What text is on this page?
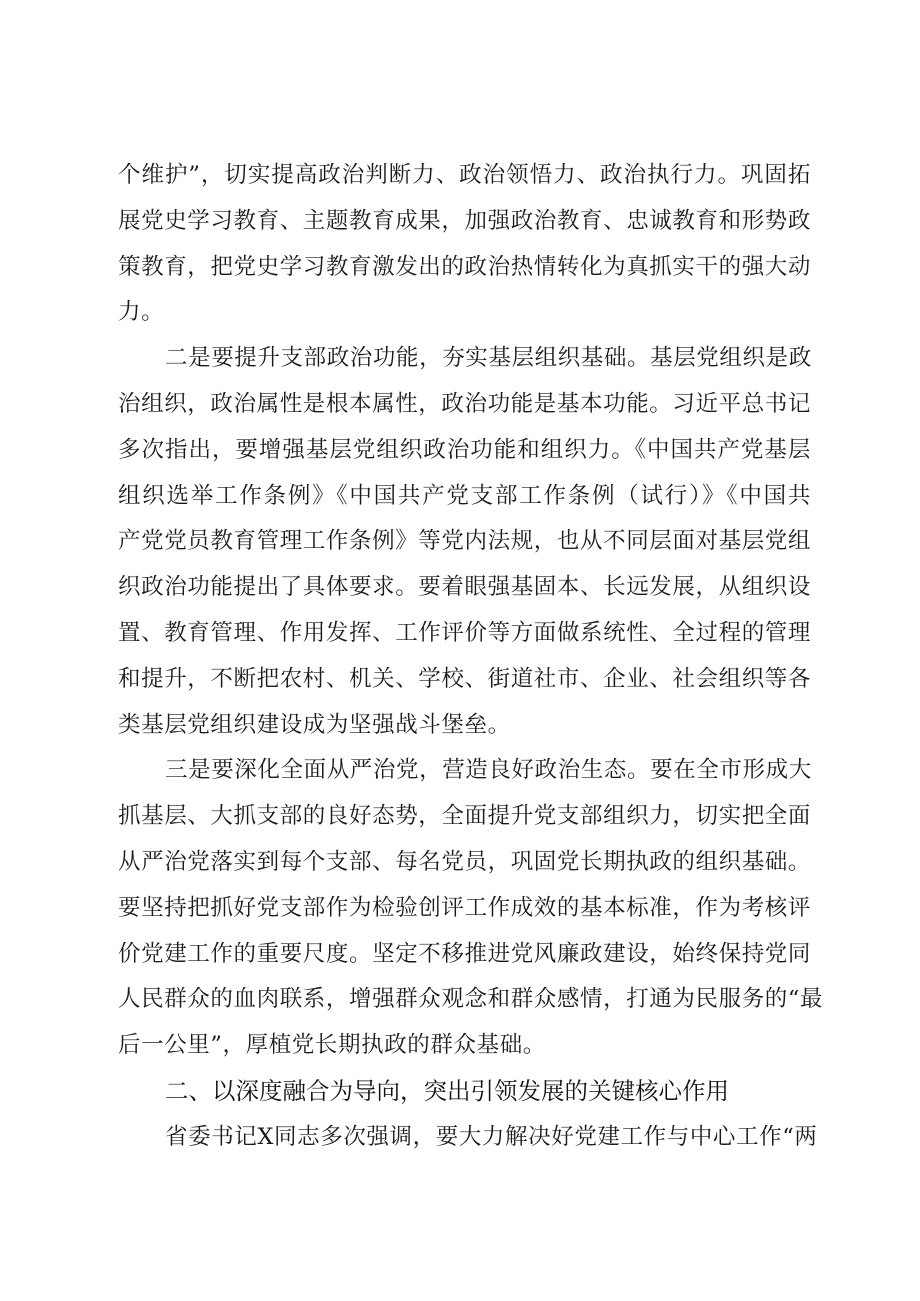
个维护”，切实提高政治判断力、政治领悟力、政治执行力。巩固拓
展党史学习教育、主题教育成果，加强政治教育、忠诚教育和形势政
策教育，把党史学习教育激发出的政治热情转化为真抓实干的强大动
力。
二是要提升支部政治功能，夯实基层组织基础。基层党组织是政
治组织，政治属性是根本属性，政治功能是基本功能。习近平总书记
多次指出，要增强基层党组织政治功能和组织力。《中国共产党基层
组织选举工作条例》《中国共产党支部工作条例（试行）》《中国共
产党党员教育管理工作条例》等党内法规，也从不同层面对基层党组
织政治功能提出了具体要求。要着眼强基固本、长远发展，从组织设
置、教育管理、作用发挥、工作评价等方面做系统性、全过程的管理
和提升，不断把农村、机关、学校、街道社市、企业、社会组织等各
类基层党组织建设成为坚强战斗堡垒。
三是要深化全面从严治党，营造良好政治生态。要在全市形成大
抓基层、大抓支部的良好态势，全面提升党支部组织力，切实把全面
从严治党落实到每个支部、每名党员，巩固党长期执政的组织基础。
要坚持把抓好党支部作为检验创评工作成效的基本标准，作为考核评
价党建工作的重要尺度。坚定不移推进党风廉政建设，始终保持党同
人民群众的血肉联系，增强群众观念和群众感情，打通为民服务的“最
后一公里”，厚植党长期执政的群众基础。
二、以深度融合为导向，突出引领发展的关键核心作用
省委书记X同志多次强调，要大力解决好党建工作与中心工作“两
